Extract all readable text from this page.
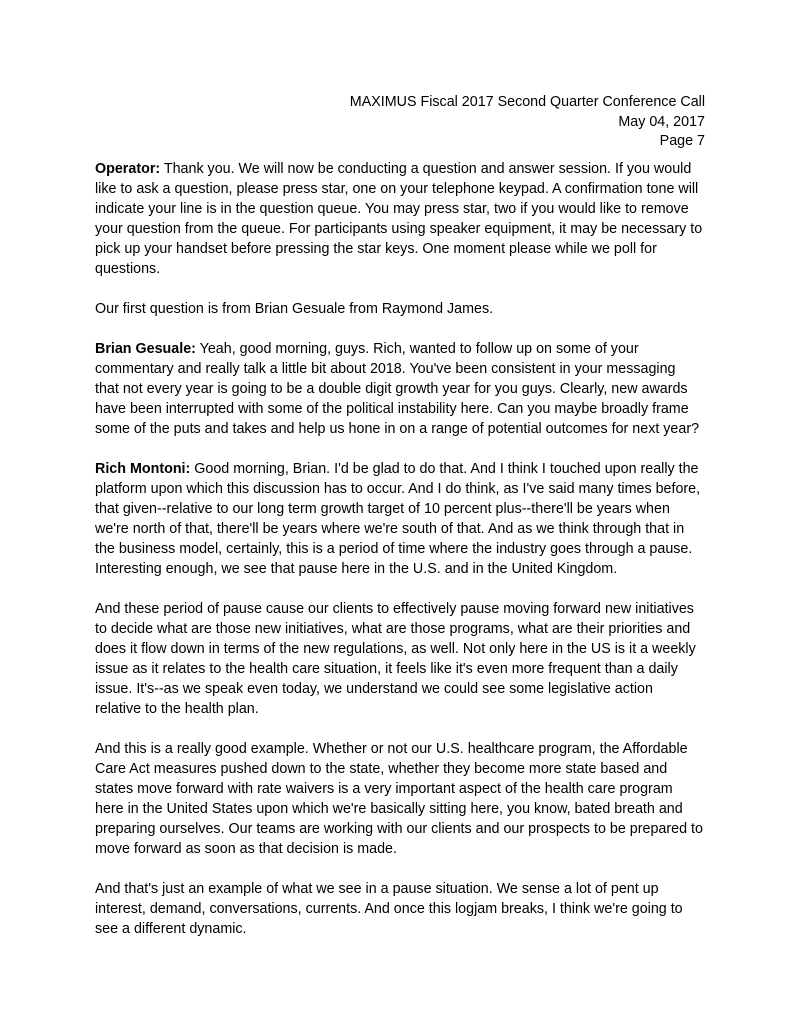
MAXIMUS Fiscal 2017 Second Quarter Conference Call
May 04, 2017
Page 7

Operator: Thank you. We will now be conducting a question and answer session. If you would
like to ask a question, please press star, one on your telephone keypad. A confirmation tone will
indicate your line is in the question queue. You may press star, two if you would like to remove
your question from the queue. For participants using speaker equipment, it may be necessary to
pick up your handset before pressing the star keys. One moment please while we poll for
questions.

Our first question is from Brian Gesuale from Raymond James.

Brian Gesuale: Yeah, good morning, guys. Rich, wanted to follow up on some of your
commentary and really talk a little bit about 2018. You've been consistent in your messaging
that not every year is going to be a double digit growth year for you guys. Clearly, new awards
have been interrupted with some of the political instability here. Can you maybe broadly frame
some of the puts and takes and help us hone in on a range of potential outcomes for next year?

Rich Montoni: Good morning, Brian. I'd be glad to do that. And I think I touched upon really the
platform upon which this discussion has to occur. And I do think, as I've said many times before,
that given--relative to our long term growth target of 10 percent plus--there'll be years when
we're north of that, there'll be years where we're south of that. And as we think through that in
the business model, certainly, this is a period of time where the industry goes through a pause.
Interesting enough, we see that pause here in the U.S. and in the United Kingdom.

And these period of pause cause our clients to effectively pause moving forward new initiatives
to decide what are those new initiatives, what are those programs, what are their priorities and
does it flow down in terms of the new regulations, as well. Not only here in the US is it a weekly
issue as it relates to the health care situation, it feels like it's even more frequent than a daily
issue. It's--as we speak even today, we understand we could see some legislative action
relative to the health plan.

And this is a really good example. Whether or not our U.S. healthcare program, the Affordable
Care Act measures pushed down to the state, whether they become more state based and
states move forward with rate waivers is a very important aspect of the health care program
here in the United States upon which we're basically sitting here, you know, bated breath and
preparing ourselves. Our teams are working with our clients and our prospects to be prepared to
move forward as soon as that decision is made.

And that's just an example of what we see in a pause situation. We sense a lot of pent up
interest, demand, conversations, currents. And once this logjam breaks, I think we're going to
see a different dynamic.
